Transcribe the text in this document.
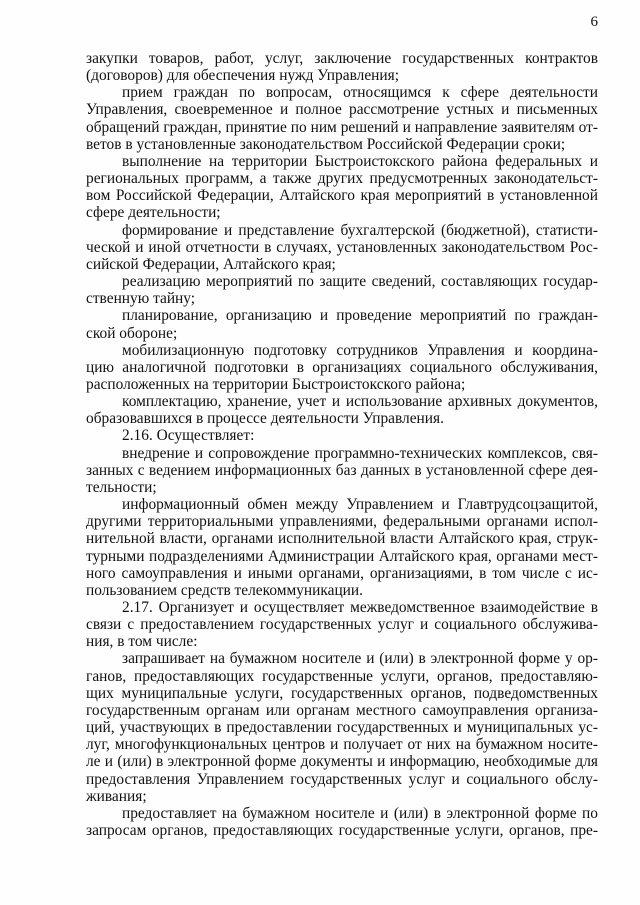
6
закупки товаров, работ, услуг, заключение государственных контрактов
(договоров) для обеспечения нужд Управления;
прием граждан по вопросам, относящимся к сфере деятельности
Управления, своевременное и полное рассмотрение устных и письменных
обращений граждан, принятие по ним решений и направление заявителям от-
ветов в установленные законодательством Российской Федерации сроки;
выполнение на территории Быстроистокского района федеральных и
региональных программ, а также других предусмотренных законодательст-
вом Российской Федерации, Алтайского края мероприятий в установленной
сфере деятельности;
формирование и представление бухгалтерской (бюджетной), статисти-
ческой и иной отчетности в случаях, установленных законодательством Рос-
сийской Федерации, Алтайского края;
реализацию мероприятий по защите сведений, составляющих государ-
ственную тайну;
планирование, организацию и проведение мероприятий по граждан-
ской обороне;
мобилизационную подготовку сотрудников Управления и координа-
цию аналогичной подготовки в организациях социального обслуживания,
расположенных на территории Быстроистокского района;
комплектацию, хранение, учет и использование архивных документов,
образовавшихся в процессе деятельности Управления.
2.16. Осуществляет:
внедрение и сопровождение программно-технических комплексов, свя-
занных с ведением информационных баз данных в установленной сфере дея-
тельности;
информационный обмен между Управлением и Главтрудсоцзащитой,
другими территориальными управлениями, федеральными органами испол-
нительной власти, органами исполнительной власти Алтайского края, струк-
турными подразделениями Администрации Алтайского края, органами мест-
ного самоуправления и иными органами, организациями, в том числе с ис-
пользованием средств телекоммуникации.
2.17. Организует и осуществляет межведомственное взаимодействие в
связи с предоставлением государственных услуг и социального обслужива-
ния, в том числе:
запрашивает на бумажном носителе и (или) в электронной форме у ор-
ганов, предоставляющих государственные услуги, органов, предоставляю-
щих муниципальные услуги, государственных органов, подведомственных
государственным органам или органам местного самоуправления организа-
ций, участвующих в предоставлении государственных и муниципальных ус-
луг, многофункциональных центров и получает от них на бумажном носите-
ле и (или) в электронной форме документы и информацию, необходимые для
предоставления Управлением государственных услуг и социального обслу-
живания;
предоставляет на бумажном носителе и (или) в электронной форме по
запросам органов, предоставляющих государственные услуги, органов, пре-
